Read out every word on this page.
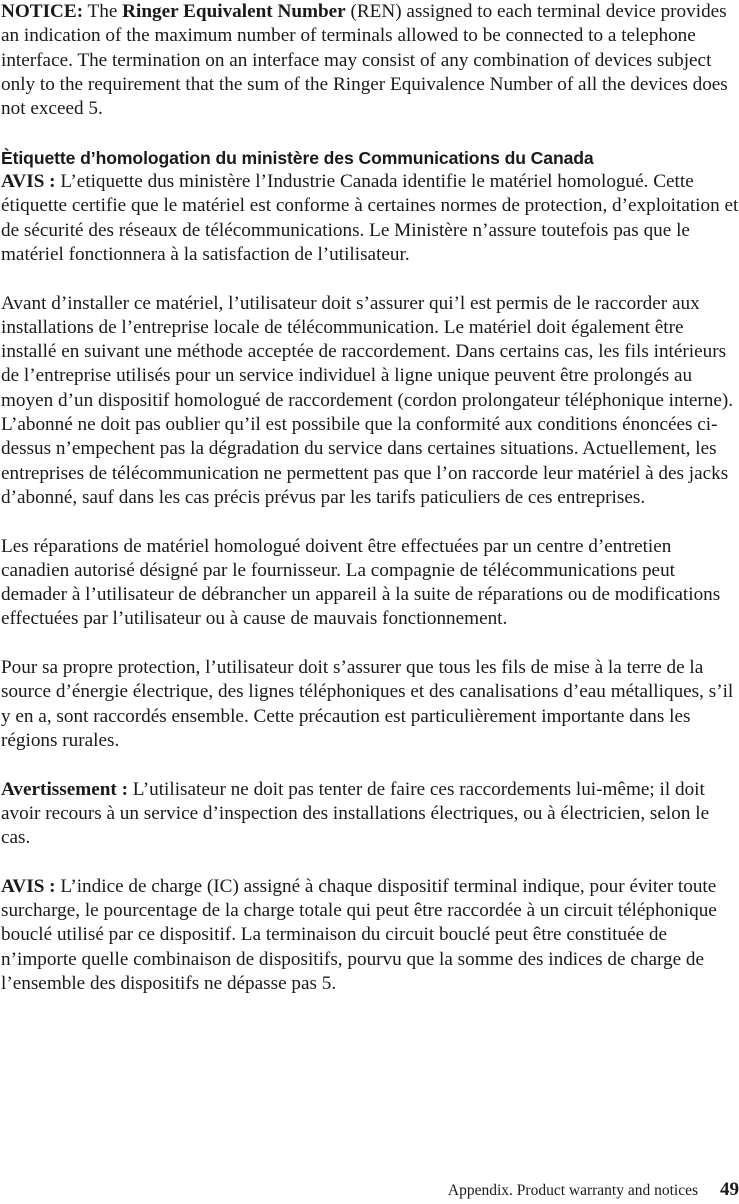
NOTICE: The Ringer Equivalent Number (REN) assigned to each terminal device provides an indication of the maximum number of terminals allowed to be connected to a telephone interface. The termination on an interface may consist of any combination of devices subject only to the requirement that the sum of the Ringer Equivalence Number of all the devices does not exceed 5.

Ètiquette d’homologation du ministère des Communications du Canada

AVIS : L’etiquette dus ministère l’Industrie Canada identifie le matériel homologué. Cette étiquette certifie que le matériel est conforme à certaines normes de protection, d’exploitation et de sécurité des réseaux de télécommunications. Le Ministère n’assure toutefois pas que le matériel fonctionnera à la satisfaction de l’utilisateur.

Avant d’installer ce matériel, l’utilisateur doit s’assurer qui’l est permis de le raccorder aux installations de l’entreprise locale de télécommunication. Le matériel doit également être installé en suivant une méthode acceptée de raccordement. Dans certains cas, les fils intérieurs de l’entreprise utilisés pour un service individuel à ligne unique peuvent être prolongés au moyen d’un dispositif homologué de raccordement (cordon prolongateur téléphonique interne). L’abonné ne doit pas oublier qu’il est possibile que la conformité aux conditions énoncées ci-dessus n’empechent pas la dégradation du service dans certaines situations. Actuellement, les entreprises de télécommunication ne permettent pas que l’on raccorde leur matériel à des jacks d’abonné, sauf dans les cas précis prévus par les tarifs paticuliers de ces entreprises.

Les réparations de matériel homologué doivent être effectuées par un centre d’entretien canadien autorisé désigné par le fournisseur. La compagnie de télécommunications peut demader à l’utilisateur de débrancher un appareil à la suite de réparations ou de modifications effectuées par l’utilisateur ou à cause de mauvais fonctionnement.

Pour sa propre protection, l’utilisateur doit s’assurer que tous les fils de mise à la terre de la source d’énergie électrique, des lignes téléphoniques et des canalisations d’eau métalliques, s’il y en a, sont raccordés ensemble. Cette précaution est particulièrement importante dans les régions rurales.

Avertissement : L’utilisateur ne doit pas tenter de faire ces raccordements lui-même; il doit avoir recours à un service d’inspection des installations électriques, ou à électricien, selon le cas.

AVIS : L’indice de charge (IC) assigné à chaque dispositif terminal indique, pour éviter toute surcharge, le pourcentage de la charge totale qui peut être raccordée à un circuit téléphonique bouclé utilisé par ce dispositif. La terminaison du circuit bouclé peut être constituée de n’importe quelle combinaison de dispositifs, pourvu que la somme des indices de charge de l’ensemble des dispositifs ne dépasse pas 5.

Appendix. Product warranty and notices 49
